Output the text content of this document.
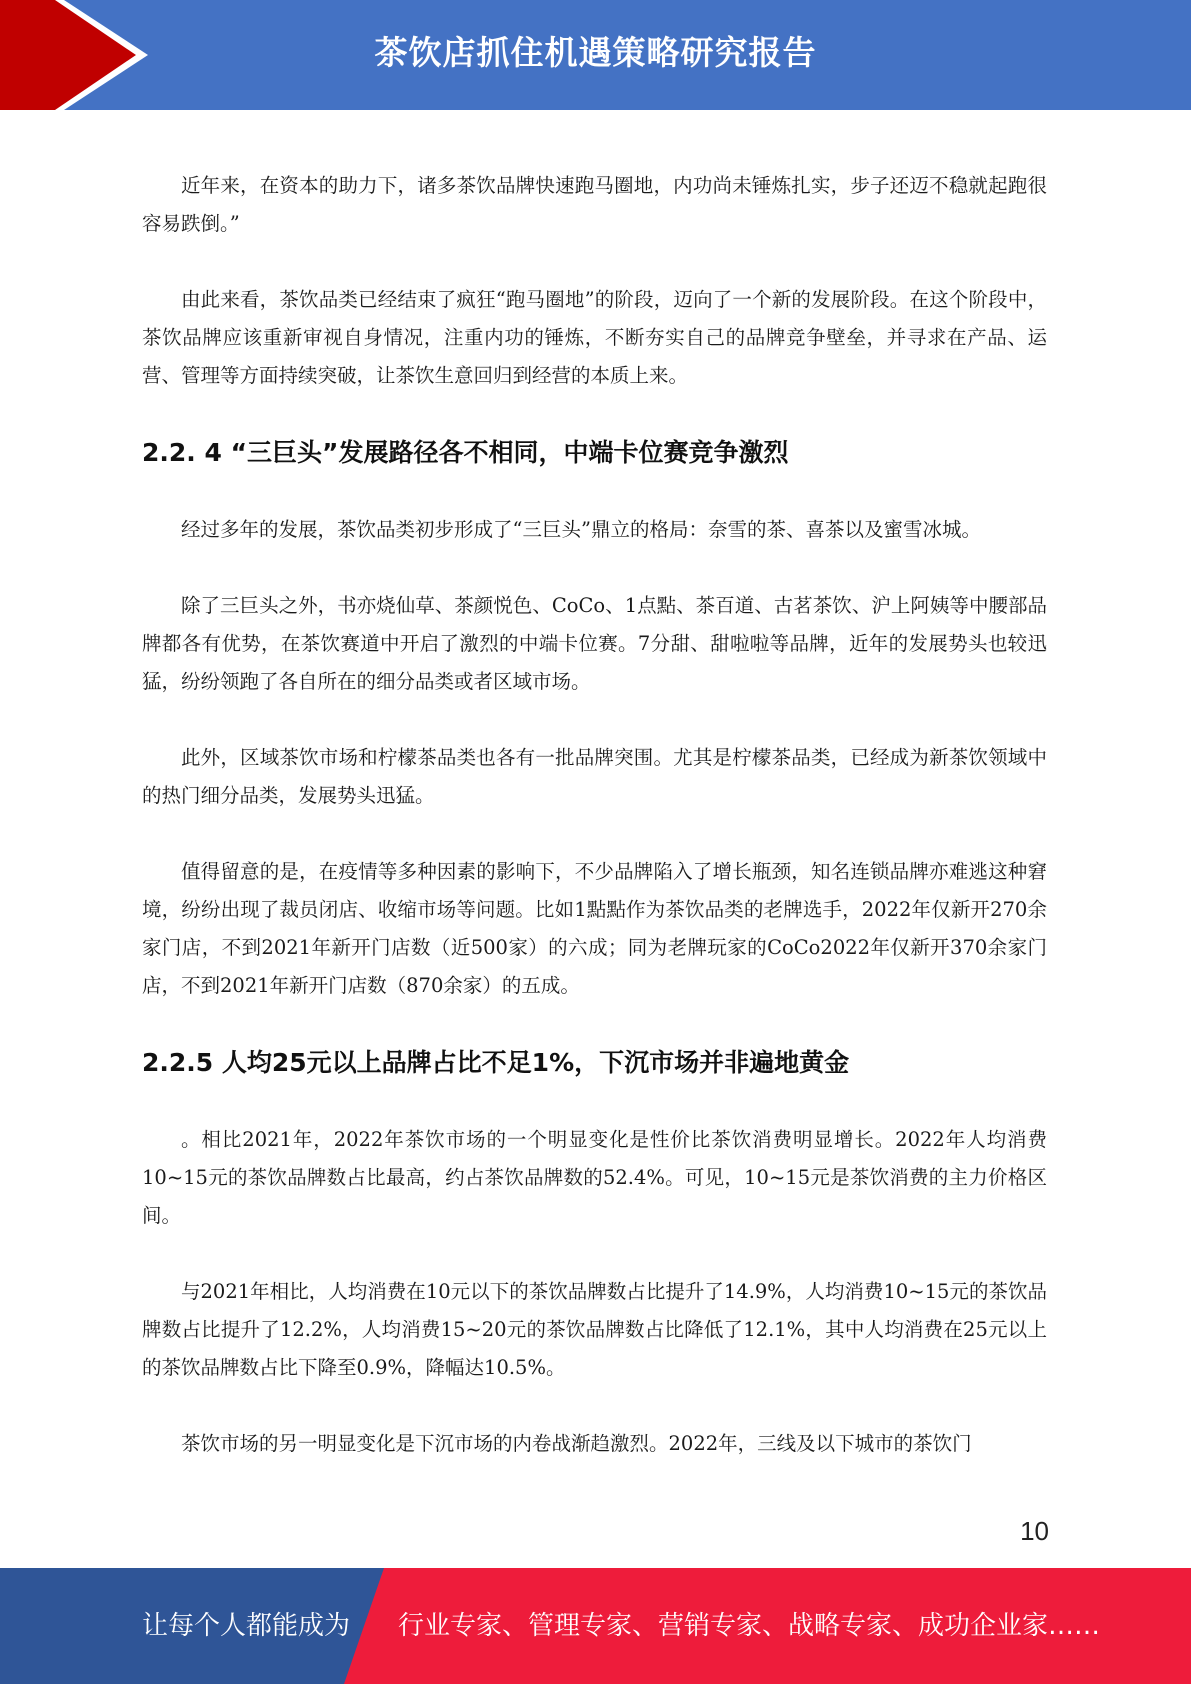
茶饮店抓住机遇策略研究报告

近年来，在资本的助力下，诸多茶饮品牌快速跑马圈地，内功尚未锤炼扎实，步子还迈不稳就起跑很容易跌倒。”

由此来看，茶饮品类已经结束了疯狂“跑马圈地”的阶段，迈向了一个新的发展阶段。在这个阶段中，茶饮品牌应该重新审视自身情况，注重内功的锤炼，不断夯实自己的品牌竞争壁垒，并寻求在产品、运营、管理等方面持续突破，让茶饮生意回归到经营的本质上来。

2.2. 4 “三巨头”发展路径各不相同，中端卡位赛竞争激烈

经过多年的发展，茶饮品类初步形成了“三巨头”鼎立的格局：奈雪的茶、喜茶以及蜜雪冰城。

除了三巨头之外，书亦烧仙草、茶颜悦色、CoCo、1点點、茶百道、古茗茶饮、沪上阿姨等中腰部品牌都各有优势，在茶饮赛道中开启了激烈的中端卡位赛。7分甜、甜啦啦等品牌，近年的发展势头也较迅猛，纷纷领跑了各自所在的细分品类或者区域市场。

此外，区域茶饮市场和柠檬茶品类也各有一批品牌突围。尤其是柠檬茶品类，已经成为新茶饮领域中的热门细分品类，发展势头迅猛。

值得留意的是，在疫情等多种因素的影响下，不少品牌陷入了增长瓶颈，知名连锁品牌亦难逃这种窘境，纷纷出现了裁员闭店、收缩市场等问题。比如1點點作为茶饮品类的老牌选手，2022年仅新开270余家门店，不到2021年新开门店数（近500家）的六成；同为老牌玩家的CoCo2022年仅新开370余家门店，不到2021年新开门店数（870余家）的五成。

2.2.5 人均25元以上品牌占比不足1%，下沉市场并非遍地黄金

。相比2021年，2022年茶饮市场的一个明显变化是性价比茶饮消费明显增长。2022年人均消费10~15元的茶饮品牌数占比最高，约占茶饮品牌数的52.4%。可见，10~15元是茶饮消费的主力价格区间。

与2021年相比，人均消费在10元以下的茶饮品牌数占比提升了14.9%，人均消费10~15元的茶饮品牌数占比提升了12.2%，人均消费15~20元的茶饮品牌数占比降低了12.1%，其中人均消费在25元以上的茶饮品牌数占比下降至0.9%，降幅达10.5%。

茶饮市场的另一明显变化是下沉市场的内卷战渐趋激烈。2022年，三线及以下城市的茶饮门

10
让每个人都能成为 行业专家、管理专家、营销专家、战略专家、成功企业家……
